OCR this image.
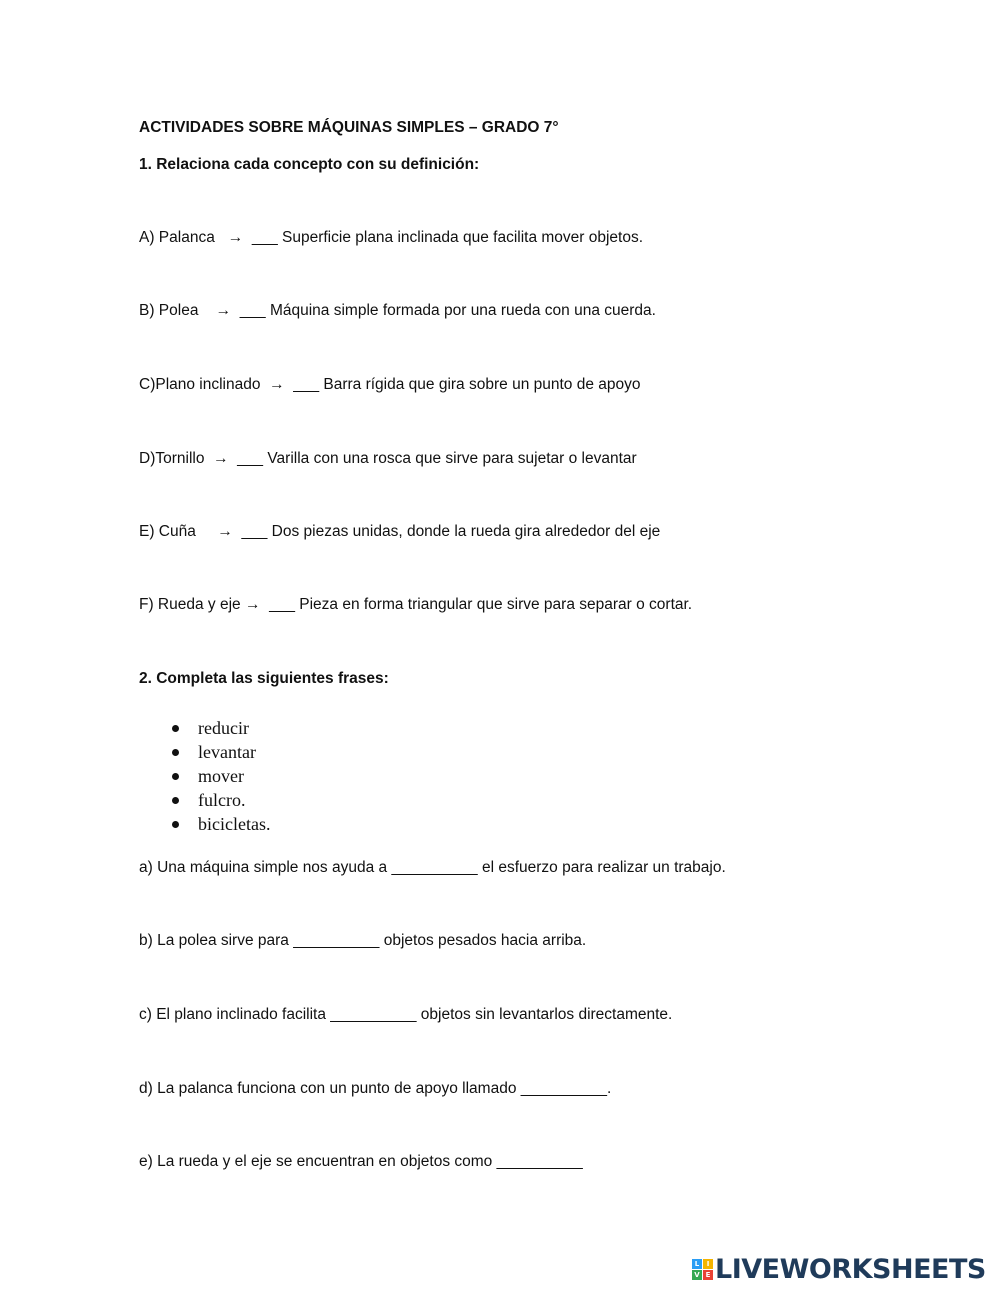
ACTIVIDADES SOBRE MÁQUINAS SIMPLES – GRADO 7°
1. Relaciona cada concepto con su definición:
A) Palanca   →  ___ Superficie plana inclinada que facilita mover objetos.
B) Polea    →  ___ Máquina simple formada por una rueda con una cuerda.
C)Plano inclinado  →  ___ Barra rígida que gira sobre un punto de apoyo
D)Tornillo  →  ___ Varilla con una rosca que sirve para sujetar o levantar
E) Cuña     →  ___ Dos piezas unidas, donde la rueda gira alrededor del eje
F) Rueda y eje →  ___ Pieza en forma triangular que sirve para separar o cortar.
2. Completa las siguientes frases:
reducir
levantar
mover
fulcro.
bicicletas.
a) Una máquina simple nos ayuda a __________ el esfuerzo para realizar un trabajo.
b) La polea sirve para __________ objetos pesados hacia arriba.
c) El plano inclinado facilita __________ objetos sin levantarlos directamente.
d) La palanca funciona con un punto de apoyo llamado __________.
e) La rueda y el eje se encuentran en objetos como __________
L	I
V E LIVEWORKSHEETS
